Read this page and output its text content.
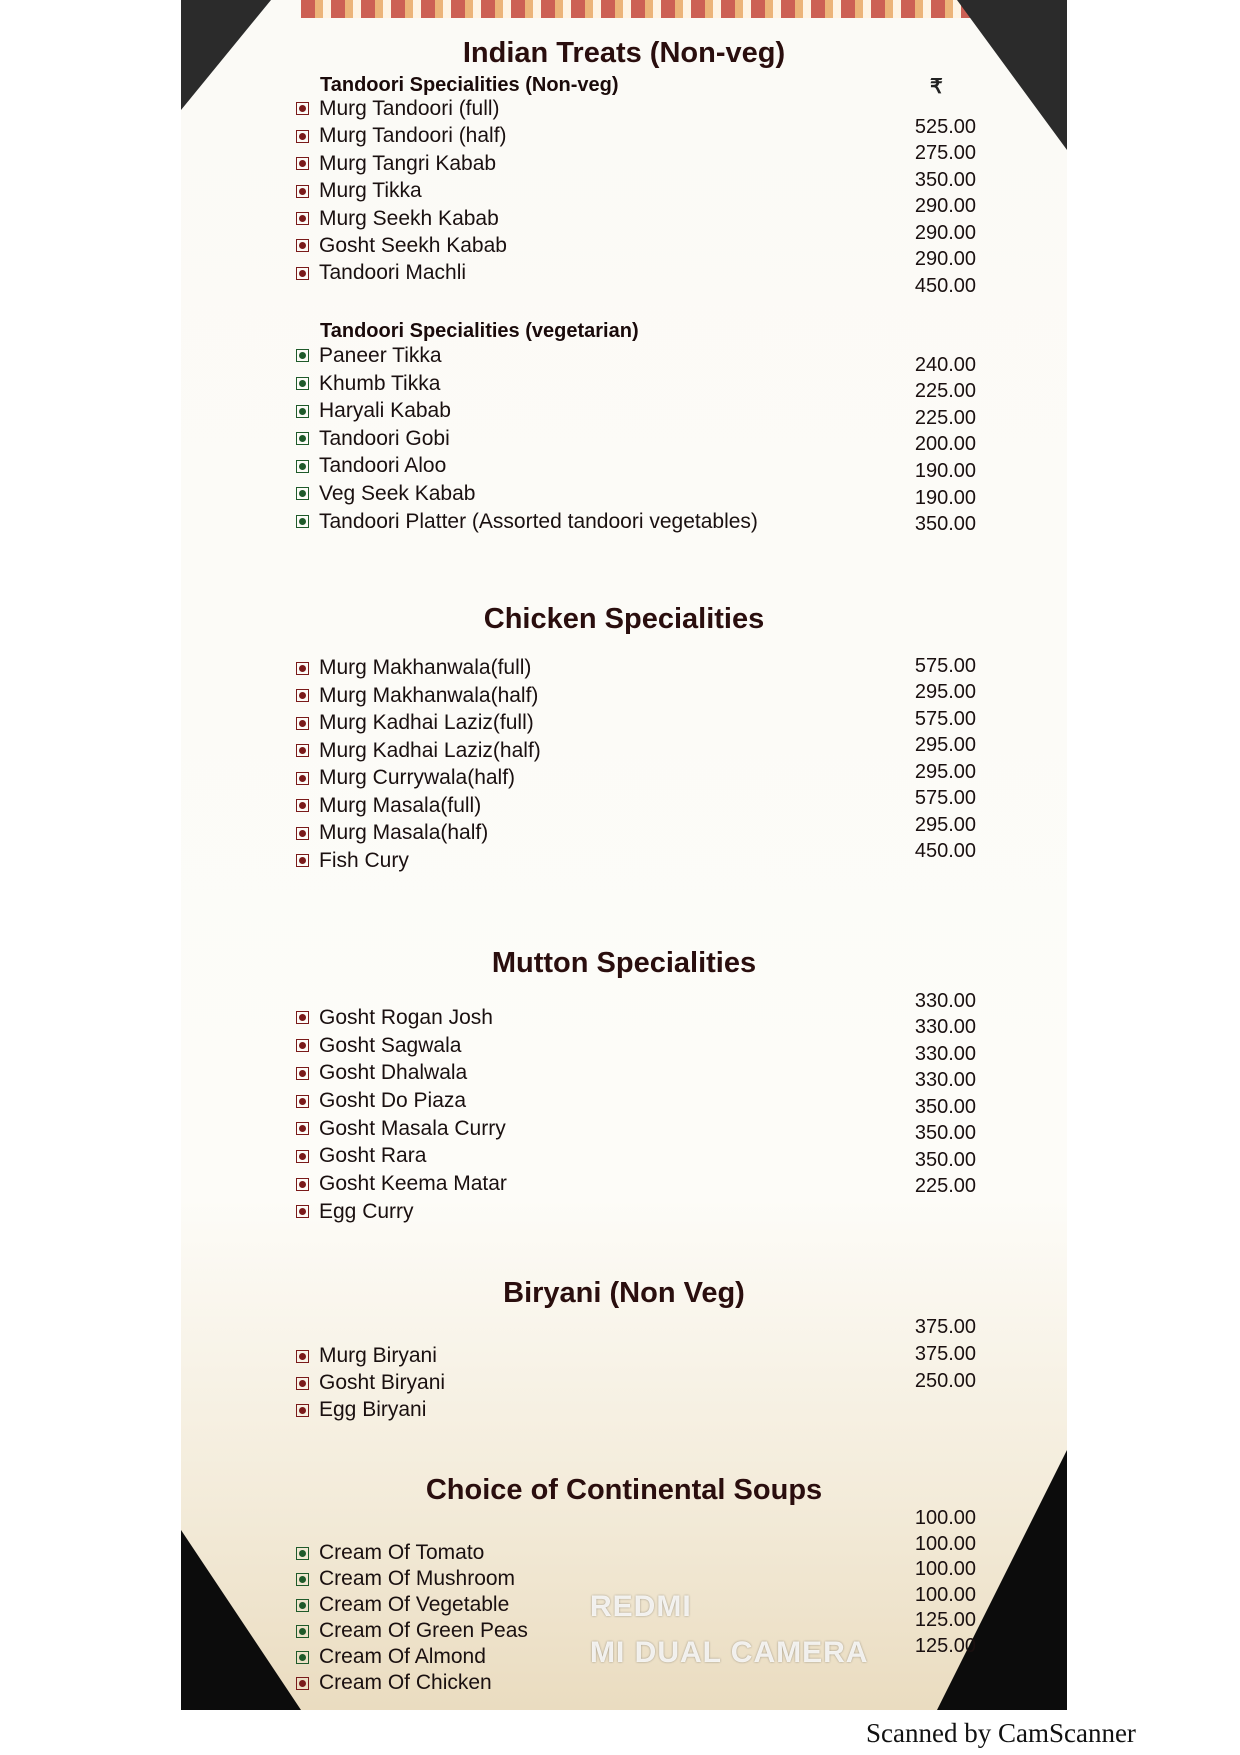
Indian Treats (Non-veg)
Tandoori Specialities (Non-veg)	₹
Murg Tandoori (full)
Murg Tandoori (half)
Murg Tangri Kabab
Murg Tikka
Murg Seekh Kabab
Gosht Seekh Kabab
Tandoori Machli
525.00
275.00
350.00
290.00
290.00
290.00
450.00
Tandoori Specialities (vegetarian)
Paneer Tikka
Khumb Tikka
Haryali Kabab
Tandoori Gobi
Tandoori Aloo
Veg Seek Kabab
Tandoori Platter (Assorted tandoori vegetables)
240.00
225.00
225.00
200.00
190.00
190.00
350.00
Chicken Specialities
Murg Makhanwala(full)
Murg Makhanwala(half)
Murg Kadhai Laziz(full)
Murg Kadhai Laziz(half)
Murg Currywala(half)
Murg Masala(full)
Murg Masala(half)
Fish Cury
575.00
295.00
575.00
295.00
295.00
575.00
295.00
450.00
Mutton Specialities
Gosht Rogan Josh
Gosht Sagwala
Gosht Dhalwala
Gosht Do Piaza
Gosht Masala Curry
Gosht Rara
Gosht Keema Matar
Egg Curry
330.00
330.00
330.00
330.00
350.00
350.00
350.00
225.00
Biryani (Non Veg)
Murg Biryani
Gosht Biryani
Egg Biryani
375.00
375.00
250.00
Choice of Continental Soups
Cream Of Tomato
Cream Of Mushroom
Cream Of Vegetable
Cream Of Green Peas
Cream Of Almond
Cream Of Chicken
100.00
100.00
100.00
100.00
125.00
125.00
REDMI
MI DUAL CAMERA
Scanned by CamScanner
